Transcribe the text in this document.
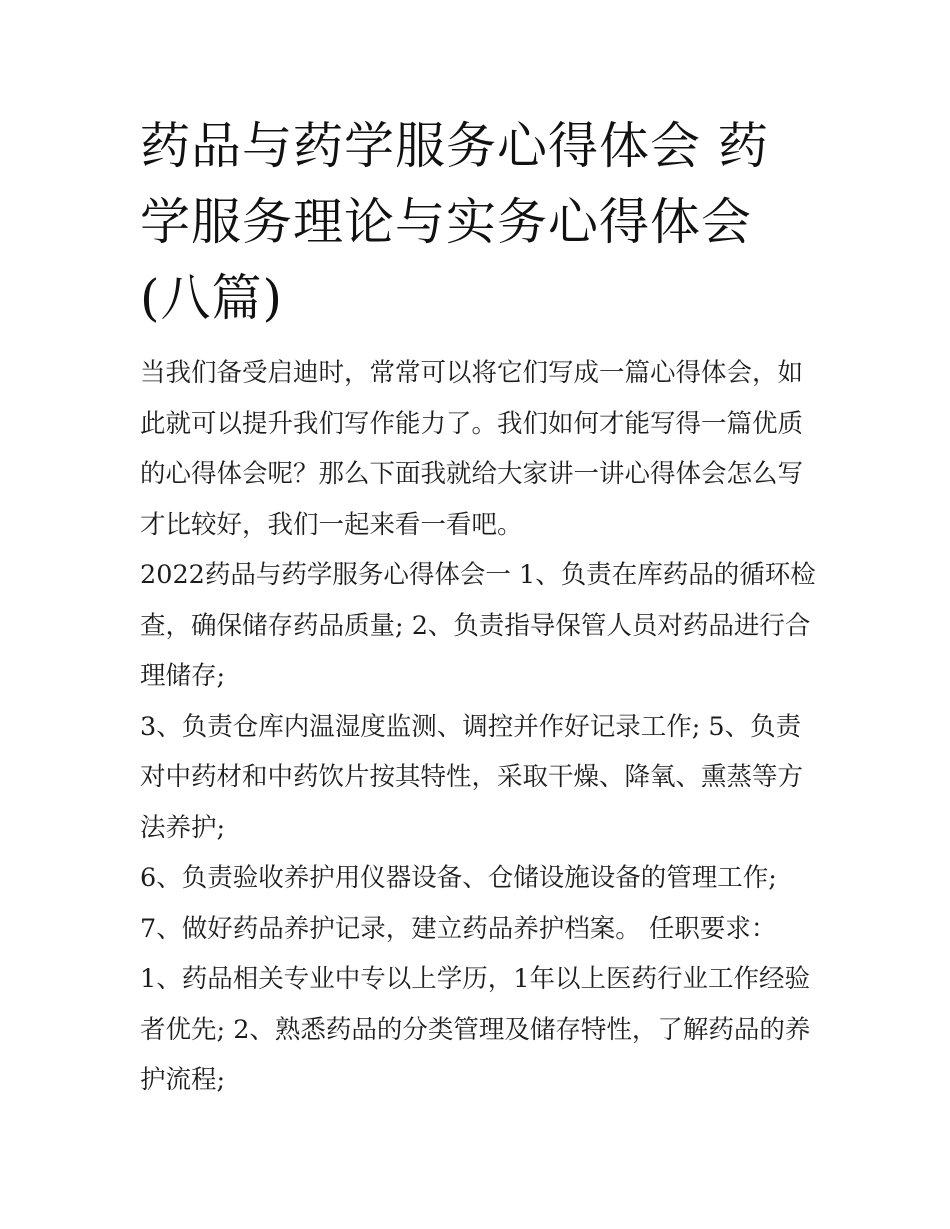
药品与药学服务心得体会 药学服务理论与实务心得体会(八篇)

当我们备受启迪时，常常可以将它们写成一篇心得体会，如此就可以提升我们写作能力了。我们如何才能写得一篇优质的心得体会呢？那么下面我就给大家讲一讲心得体会怎么写才比较好，我们一起来看一看吧。

2022药品与药学服务心得体会一 1、负责在库药品的循环检查，确保储存药品质量; 2、负责指导保管人员对药品进行合理储存;

3、负责仓库内温湿度监测、调控并作好记录工作; 5、负责对中药材和中药饮片按其特性，采取干燥、降氧、熏蒸等方法养护;

6、负责验收养护用仪器设备、仓储设施设备的管理工作; 7、做好药品养护记录，建立药品养护档案。 任职要求：

1、药品相关专业中专以上学历，1年以上医药行业工作经验者优先; 2、熟悉药品的分类管理及储存特性，了解药品的养护流程;
